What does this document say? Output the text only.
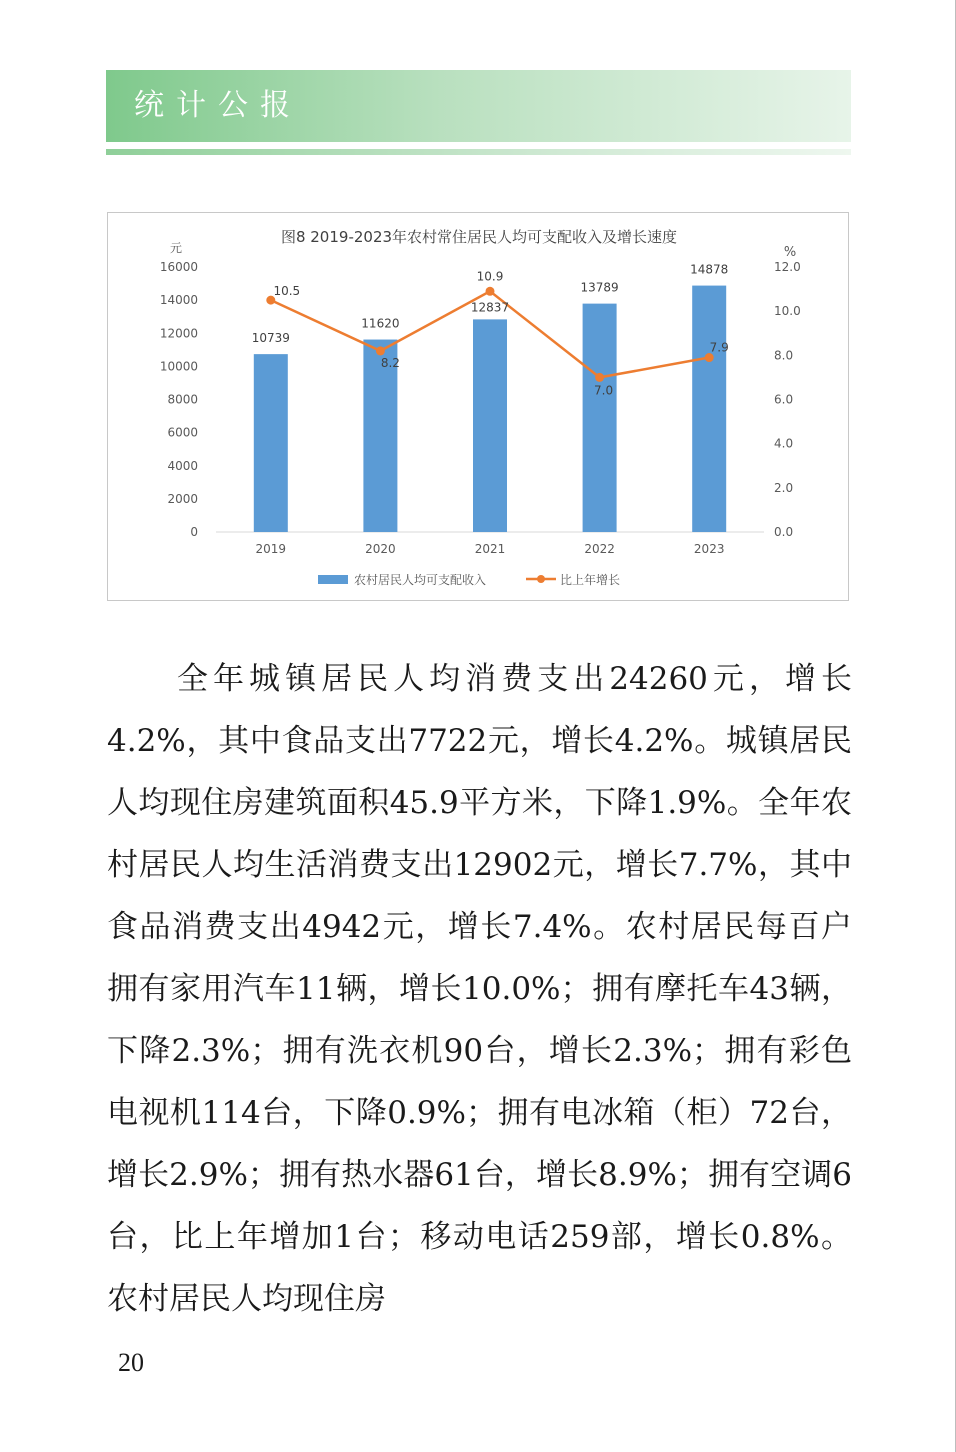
统计公报
图8 2019-2023年农村常住居民人均可支配收入及增长速度
元	%
0
2000
4000
6000
8000
10000
12000
14000
16000
0.0
2.0
4.0
6.0
8.0
10.0
12.0
10739
11620
12837
13789
14878
10.5
8.2
10.9
7.0
7.9
2019	2020	2021	2022	2023
农村居民人均可支配收入	比上年增长
全年城镇居民人均消费支出24260元，增长4.2%，其中食品支出7722元，增长4.2%。城镇居民人均现住房建筑面积45.9平方米，下降1.9%。全年农村居民人均生活消费支出12902元，增长7.7%，其中食品消费支出4942元，增长7.4%。农村居民每百户拥有家用汽车11辆，增长10.0%；拥有摩托车43辆，下降2.3%；拥有洗衣机90台，增长2.3%；拥有彩色电视机114台，下降0.9%；拥有电冰箱（柜）72台，增长2.9%；拥有热水器61台，增长8.9%；拥有空调6台，比上年增加1台；移动电话259部，增长0.8%。农村居民人均现住房
20
